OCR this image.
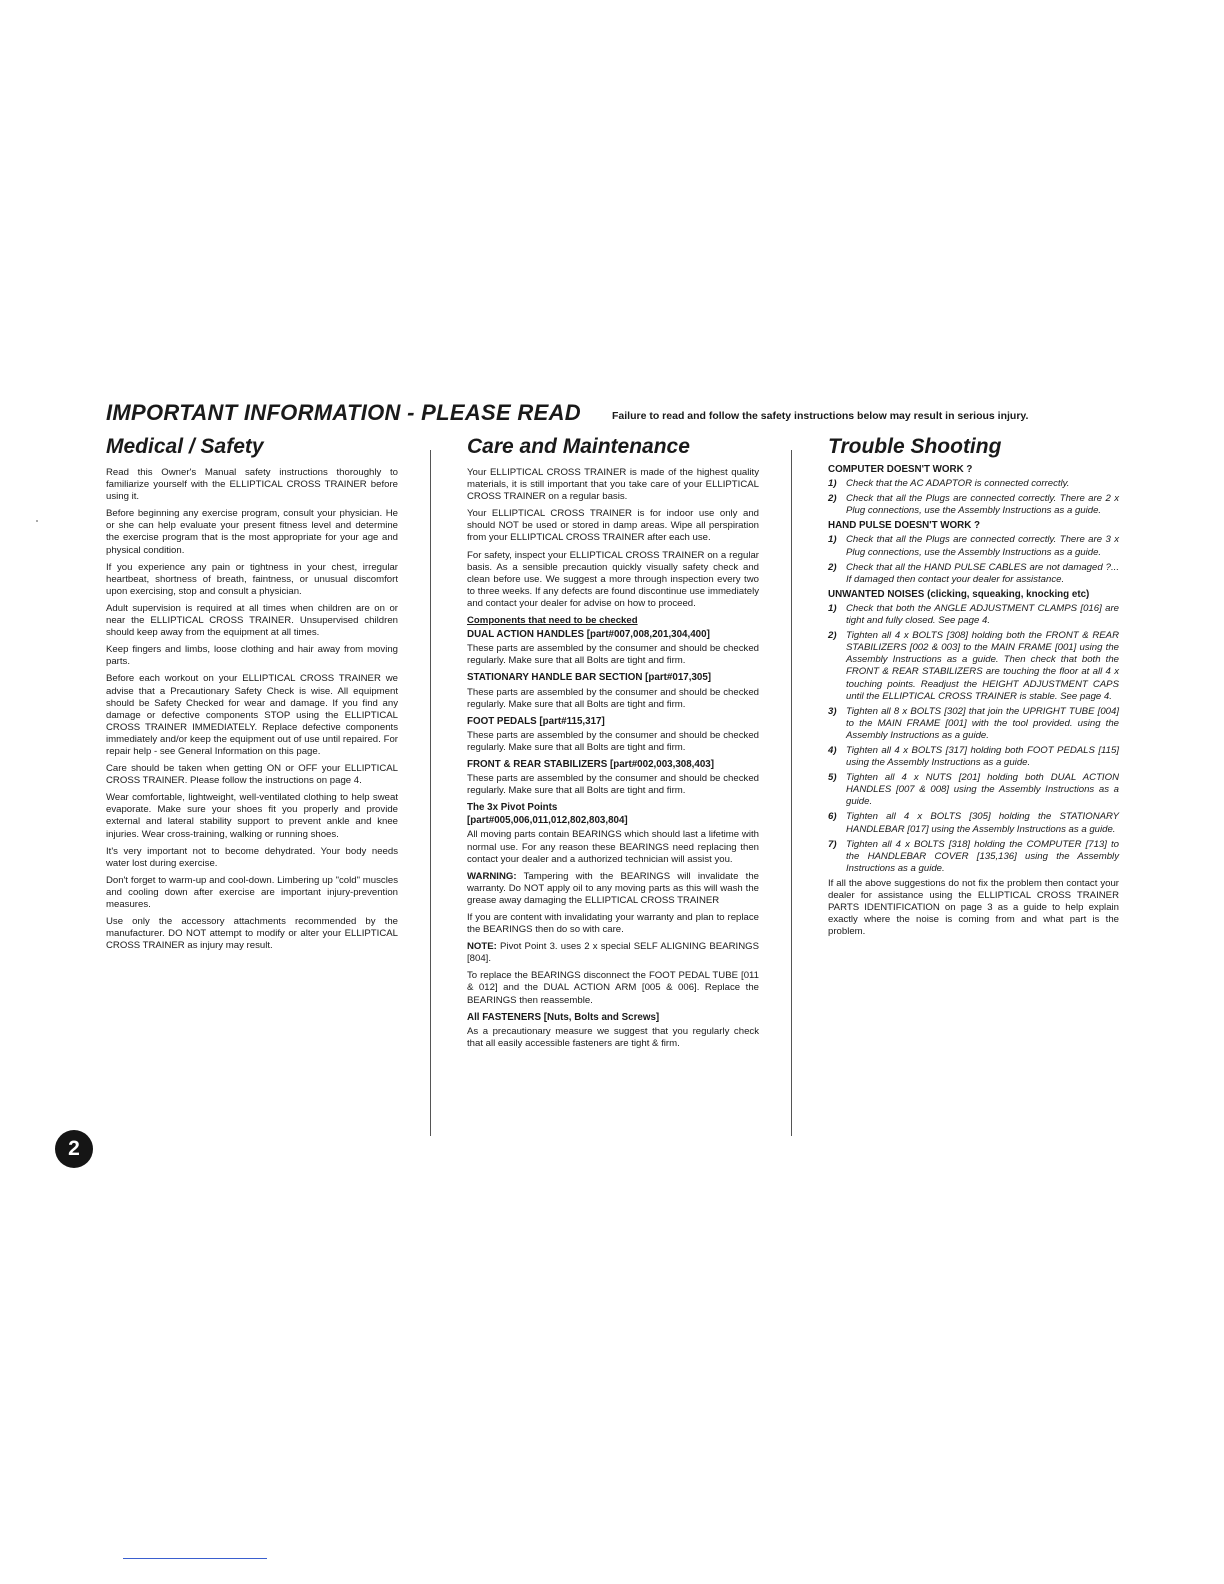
IMPORTANT INFORMATION - PLEASE READ	Failure to read and follow the safety instructions below may result in serious injury.
Medical / Safety

Read this Owner's Manual safety instructions thoroughly to familiarize yourself with the ELLIPTICAL CROSS TRAINER before using it.

Before beginning any exercise program, consult your physician. He or she can help evaluate your present fitness level and determine the exercise program that is the most appropriate for your age and physical condition.

If you experience any pain or tightness in your chest, irregular heartbeat, shortness of breath, faintness, or unusual discomfort upon exercising, stop and consult a physician.

Adult supervision is required at all times when children are on or near the ELLIPTICAL CROSS TRAINER. Unsupervised children should keep away from the equipment at all times.

Keep fingers and limbs, loose clothing and hair away from moving parts.

Before each workout on your ELLIPTICAL CROSS TRAINER we advise that a Precautionary Safety Check is wise. All equipment should be Safety Checked for wear and damage. If you find any damage or defective components STOP using the ELLIPTICAL CROSS TRAINER IMMEDIATELY. Replace defective components immediately and/or keep the equipment out of use until repaired. For repair help - see General Information on this page.

Care should be taken when getting ON or OFF your ELLIPTICAL CROSS TRAINER. Please follow the instructions on page 4.

Wear comfortable, lightweight, well-ventilated clothing to help sweat evaporate. Make sure your shoes fit you properly and provide external and lateral stability support to prevent ankle and knee injuries. Wear cross-training, walking or running shoes.

It's very important not to become dehydrated. Your body needs water lost during exercise.

Don't forget to warm-up and cool-down. Limbering up "cold" muscles and cooling down after exercise are important injury-prevention measures.

Use only the accessory attachments recommended by the manufacturer. DO NOT attempt to modify or alter your ELLIPTICAL CROSS TRAINER as injury may result.

Care and Maintenance

Your ELLIPTICAL CROSS TRAINER is made of the highest quality materials, it is still important that you take care of your ELLIPTICAL CROSS TRAINER on a regular basis.

Your ELLIPTICAL CROSS TRAINER is for indoor use only and should NOT be used or stored in damp areas. Wipe all perspiration from your ELLIPTICAL CROSS TRAINER after each use.

For safety, inspect your ELLIPTICAL CROSS TRAINER on a regular basis. As a sensible precaution quickly visually safety check and clean before use. We suggest a more through inspection every two to three weeks. If any defects are found discontinue use immediately and contact your dealer for advise on how to proceed.

Components that need to be checked
DUAL ACTION HANDLES [part#007,008,201,304,400]

These parts are assembled by the consumer and should be checked regularly. Make sure that all Bolts are tight and firm.

STATIONARY HANDLE BAR SECTION [part#017,305]

These parts are assembled by the consumer and should be checked regularly. Make sure that all Bolts are tight and firm.

FOOT PEDALS [part#115,317]

These parts are assembled by the consumer and should be checked regularly. Make sure that all Bolts are tight and firm.

FRONT & REAR STABILIZERS [part#002,003,308,403]

These parts are assembled by the consumer and should be checked regularly. Make sure that all Bolts are tight and firm.

The 3x Pivot Points
[part#005,006,011,012,802,803,804]

All moving parts contain BEARINGS which should last a lifetime with normal use. For any reason these BEARINGS need replacing then contact your dealer and a authorized technician will assist you.

WARNING: Tampering with the BEARINGS will invalidate the warranty. Do NOT apply oil to any moving parts as this will wash the grease away damaging the ELLIPTICAL CROSS TRAINER

If you are content with invalidating your warranty and plan to replace the BEARINGS then do so with care.

NOTE: Pivot Point 3. uses 2 x special SELF ALIGNING BEARINGS [804].

To replace the BEARINGS disconnect the FOOT PEDAL TUBE [011 & 012] and the DUAL ACTION ARM [005 & 006]. Replace the BEARINGS then reassemble.

All FASTENERS [Nuts, Bolts and Screws]

As a precautionary measure we suggest that you regularly check that all easily accessible fasteners are tight & firm.

Trouble Shooting
COMPUTER DOESN'T WORK ?
1) Check that the AC ADAPTOR is connected correctly.
2) Check that all the Plugs are connected correctly. There are 2 x Plug connections, use the Assembly Instructions as a guide.
HAND PULSE DOESN'T WORK ?
1) Check that all the Plugs are connected correctly. There are 3 x Plug connections, use the Assembly Instructions as a guide.
2) Check that all the HAND PULSE CABLES are not damaged ?... If damaged then contact your dealer for assistance.
UNWANTED NOISES (clicking, squeaking, knocking etc)
1) Check that both the ANGLE ADJUSTMENT CLAMPS [016] are tight and fully closed. See page 4.
2) Tighten all 4 x BOLTS [308] holding both the FRONT & REAR STABILIZERS [002 & 003] to the MAIN FRAME [001] using the Assembly Instructions as a guide. Then check that both the FRONT & REAR STABILIZERS are touching the floor at all 4 x touching points. Readjust the HEIGHT ADJUSTMENT CAPS until the ELLIPTICAL CROSS TRAINER is stable. See page 4.
3) Tighten all 8 x BOLTS [302] that join the UPRIGHT TUBE [004] to the MAIN FRAME [001] with the tool provided. using the Assembly Instructions as a guide.
4) Tighten all 4 x BOLTS [317] holding both FOOT PEDALS [115] using the Assembly Instructions as a guide.
5) Tighten all 4 x NUTS [201] holding both DUAL ACTION HANDLES [007 & 008] using the Assembly Instructions as a guide.
6) Tighten all 4 x BOLTS [305] holding the STATIONARY HANDLEBAR [017] using the Assembly Instructions as a guide.
7) Tighten all 4 x BOLTS [318] holding the COMPUTER [713] to the HANDLEBAR COVER [135,136] using the Assembly Instructions as a guide.

If all the above suggestions do not fix the problem then contact your dealer for assistance using the ELLIPTICAL CROSS TRAINER PARTS IDENTIFICATION on page 3 as a guide to help explain exactly where the noise is coming from and what part is the problem.

2
